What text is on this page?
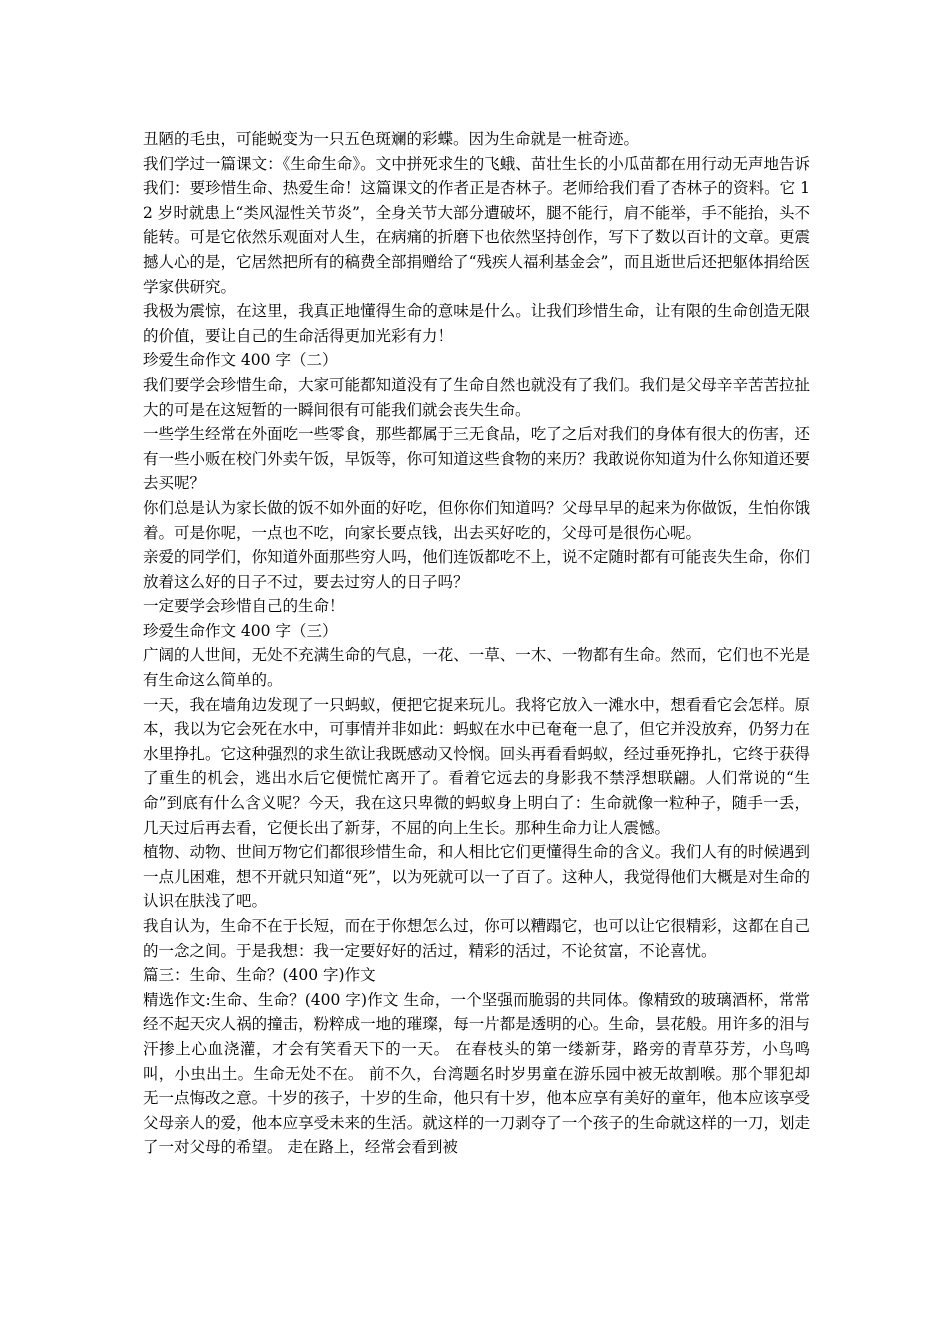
丑陋的毛虫，可能蜕变为一只五色斑斓的彩蝶。因为生命就是一桩奇迹。

我们学过一篇课文：《生命生命》。文中拼死求生的飞蛾、苗壮生长的小瓜苗都在用行动无声地告诉我们：要珍惜生命、热爱生命！这篇课文的作者正是杏林子。老师给我们看了杏林子的资料。它 12 岁时就患上“类风湿性关节炎”，全身关节大部分遭破坏，腿不能行，肩不能举，手不能抬，头不能转。可是它依然乐观面对人生，在病痛的折磨下也依然坚持创作，写下了数以百计的文章。更震撼人心的是，它居然把所有的稿费全部捐赠给了“残疾人福利基金会”，而且逝世后还把躯体捐给医学家供研究。

我极为震惊，在这里，我真正地懂得生命的意味是什么。让我们珍惜生命，让有限的生命创造无限的价值，要让自己的生命活得更加光彩有力！

珍爱生命作文 400 字（二）

我们要学会珍惜生命，大家可能都知道没有了生命自然也就没有了我们。我们是父母辛辛苦苦拉扯大的可是在这短暂的一瞬间很有可能我们就会丧失生命。

一些学生经常在外面吃一些零食，那些都属于三无食品，吃了之后对我们的身体有很大的伤害，还有一些小贩在校门外卖午饭，早饭等，你可知道这些食物的来历？我敢说你知道为什么你知道还要去买呢？

你们总是认为家长做的饭不如外面的好吃，但你你们知道吗？父母早早的起来为你做饭，生怕你饿着。可是你呢，一点也不吃，向家长要点钱，出去买好吃的，父母可是很伤心呢。

亲爱的同学们，你知道外面那些穷人吗，他们连饭都吃不上，说不定随时都有可能丧失生命，你们放着这么好的日子不过，要去过穷人的日子吗？

一定要学会珍惜自己的生命！

珍爱生命作文 400 字（三）

广阔的人世间，无处不充满生命的气息，一花、一草、一木、一物都有生命。然而，它们也不光是有生命这么简单的。

一天，我在墙角边发现了一只蚂蚁，便把它捉来玩儿。我将它放入一滩水中，想看看它会怎样。原本，我以为它会死在水中，可事情并非如此：蚂蚁在水中已奄奄一息了，但它并没放弃，仍努力在水里挣扎。它这种强烈的求生欲让我既感动又怜悯。回头再看看蚂蚁，经过垂死挣扎，它终于获得了重生的机会，逃出水后它便慌忙离开了。看着它远去的身影我不禁浮想联翩。人们常说的“生命”到底有什么含义呢？今天，我在这只卑微的蚂蚁身上明白了：生命就像一粒种子，随手一丢，几天过后再去看，它便长出了新芽，不屈的向上生长。那种生命力让人震憾。

植物、动物、世间万物它们都很珍惜生命，和人相比它们更懂得生命的含义。我们人有的时候遇到一点儿困难，想不开就只知道“死”，以为死就可以一了百了。这种人，我觉得他们大概是对生命的认识在肤浅了吧。

我自认为，生命不在于长短，而在于你想怎么过，你可以糟蹋它，也可以让它很精彩，这都在自己的一念之间。于是我想：我一定要好好的活过，精彩的活过，不论贫富，不论喜忧。

篇三：生命、生命？(400 字)作文

精选作文:生命、生命？(400 字)作文 生命，一个坚强而脆弱的共同体。像精致的玻璃酒杯，常常经不起天灾人祸的撞击，粉粹成一地的璀璨，每一片都是透明的心。生命，昙花般。用许多的泪与汗掺上心血浇灌，才会有笑看天下的一天。 在春枝头的第一缕新芽，路旁的青草芬芳，小鸟鸣叫，小虫出土。生命无处不在。 前不久，台湾题名时岁男童在游乐园中被无故割喉。那个罪犯却无一点悔改之意。十岁的孩子，十岁的生命，他只有十岁，他本应享有美好的童年，他本应该享受父母亲人的爱，他本应享受未来的生活。就这样的一刀剥夺了一个孩子的生命就这样的一刀，划走了一对父母的希望。 走在路上，经常会看到被
